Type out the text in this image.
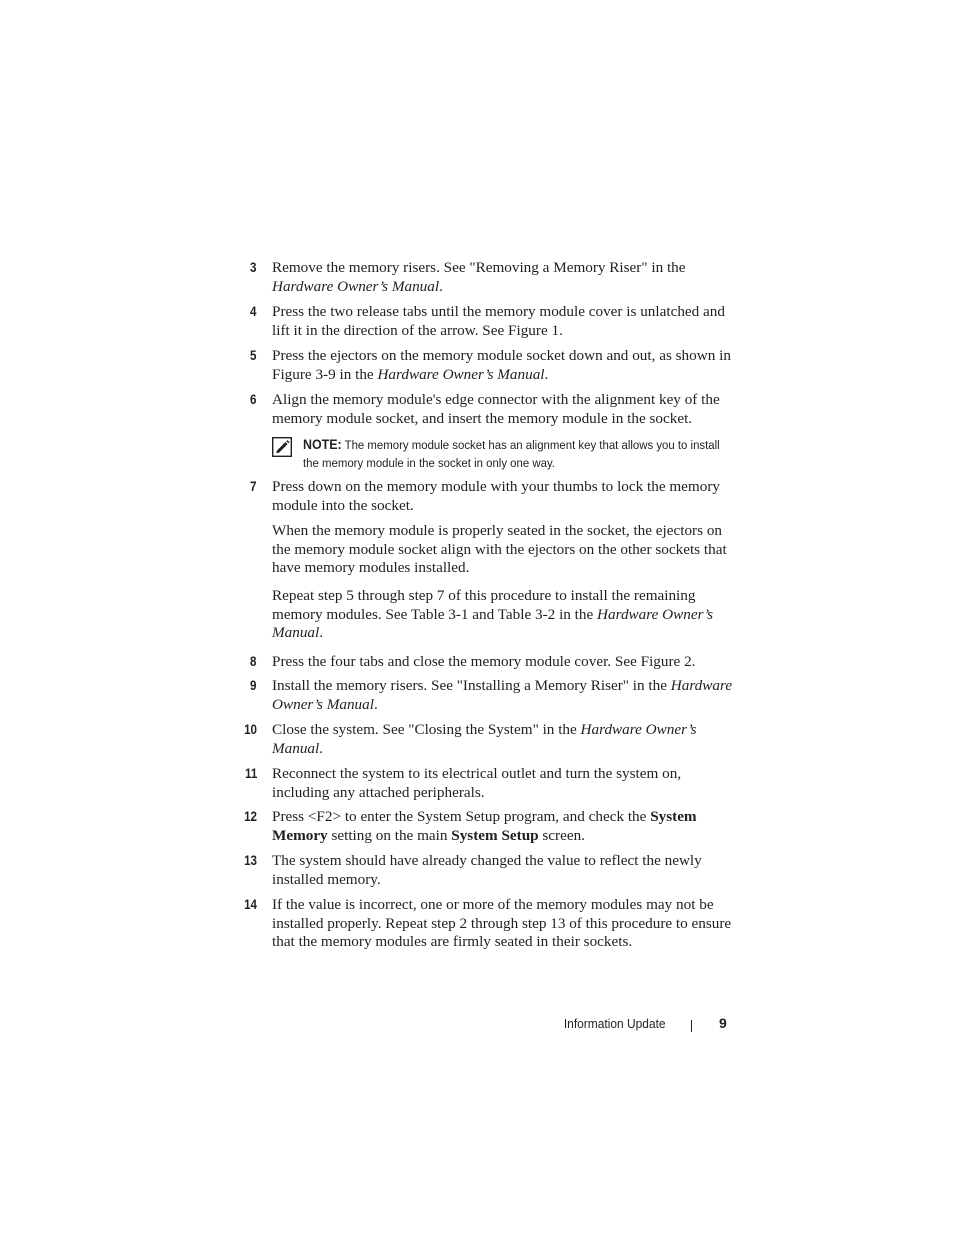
3 Remove the memory risers. See "Removing a Memory Riser" in the Hardware Owner’s Manual.
4 Press the two release tabs until the memory module cover is unlatched and lift it in the direction of the arrow. See Figure 1.
5 Press the ejectors on the memory module socket down and out, as shown in Figure 3-9 in the Hardware Owner’s Manual.
6 Align the memory module's edge connector with the alignment key of the memory module socket, and insert the memory module in the socket.
NOTE: The memory module socket has an alignment key that allows you to install the memory module in the socket in only one way.
7 Press down on the memory module with your thumbs to lock the memory module into the socket.
When the memory module is properly seated in the socket, the ejectors on the memory module socket align with the ejectors on the other sockets that have memory modules installed.
Repeat step 5 through step 7 of this procedure to install the remaining memory modules. See Table 3-1 and Table 3-2 in the Hardware Owner’s Manual.
8 Press the four tabs and close the memory module cover. See Figure 2.
9 Install the memory risers. See "Installing a Memory Riser" in the Hardware Owner’s Manual.
10 Close the system. See "Closing the System" in the Hardware Owner’s Manual.
11 Reconnect the system to its electrical outlet and turn the system on, including any attached peripherals.
12 Press <F2> to enter the System Setup program, and check the System Memory setting on the main System Setup screen.
13 The system should have already changed the value to reflect the newly installed memory.
14 If the value is incorrect, one or more of the memory modules may not be installed properly. Repeat step 2 through step 13 of this procedure to ensure that the memory modules are firmly seated in their sockets.
Information Update	9
